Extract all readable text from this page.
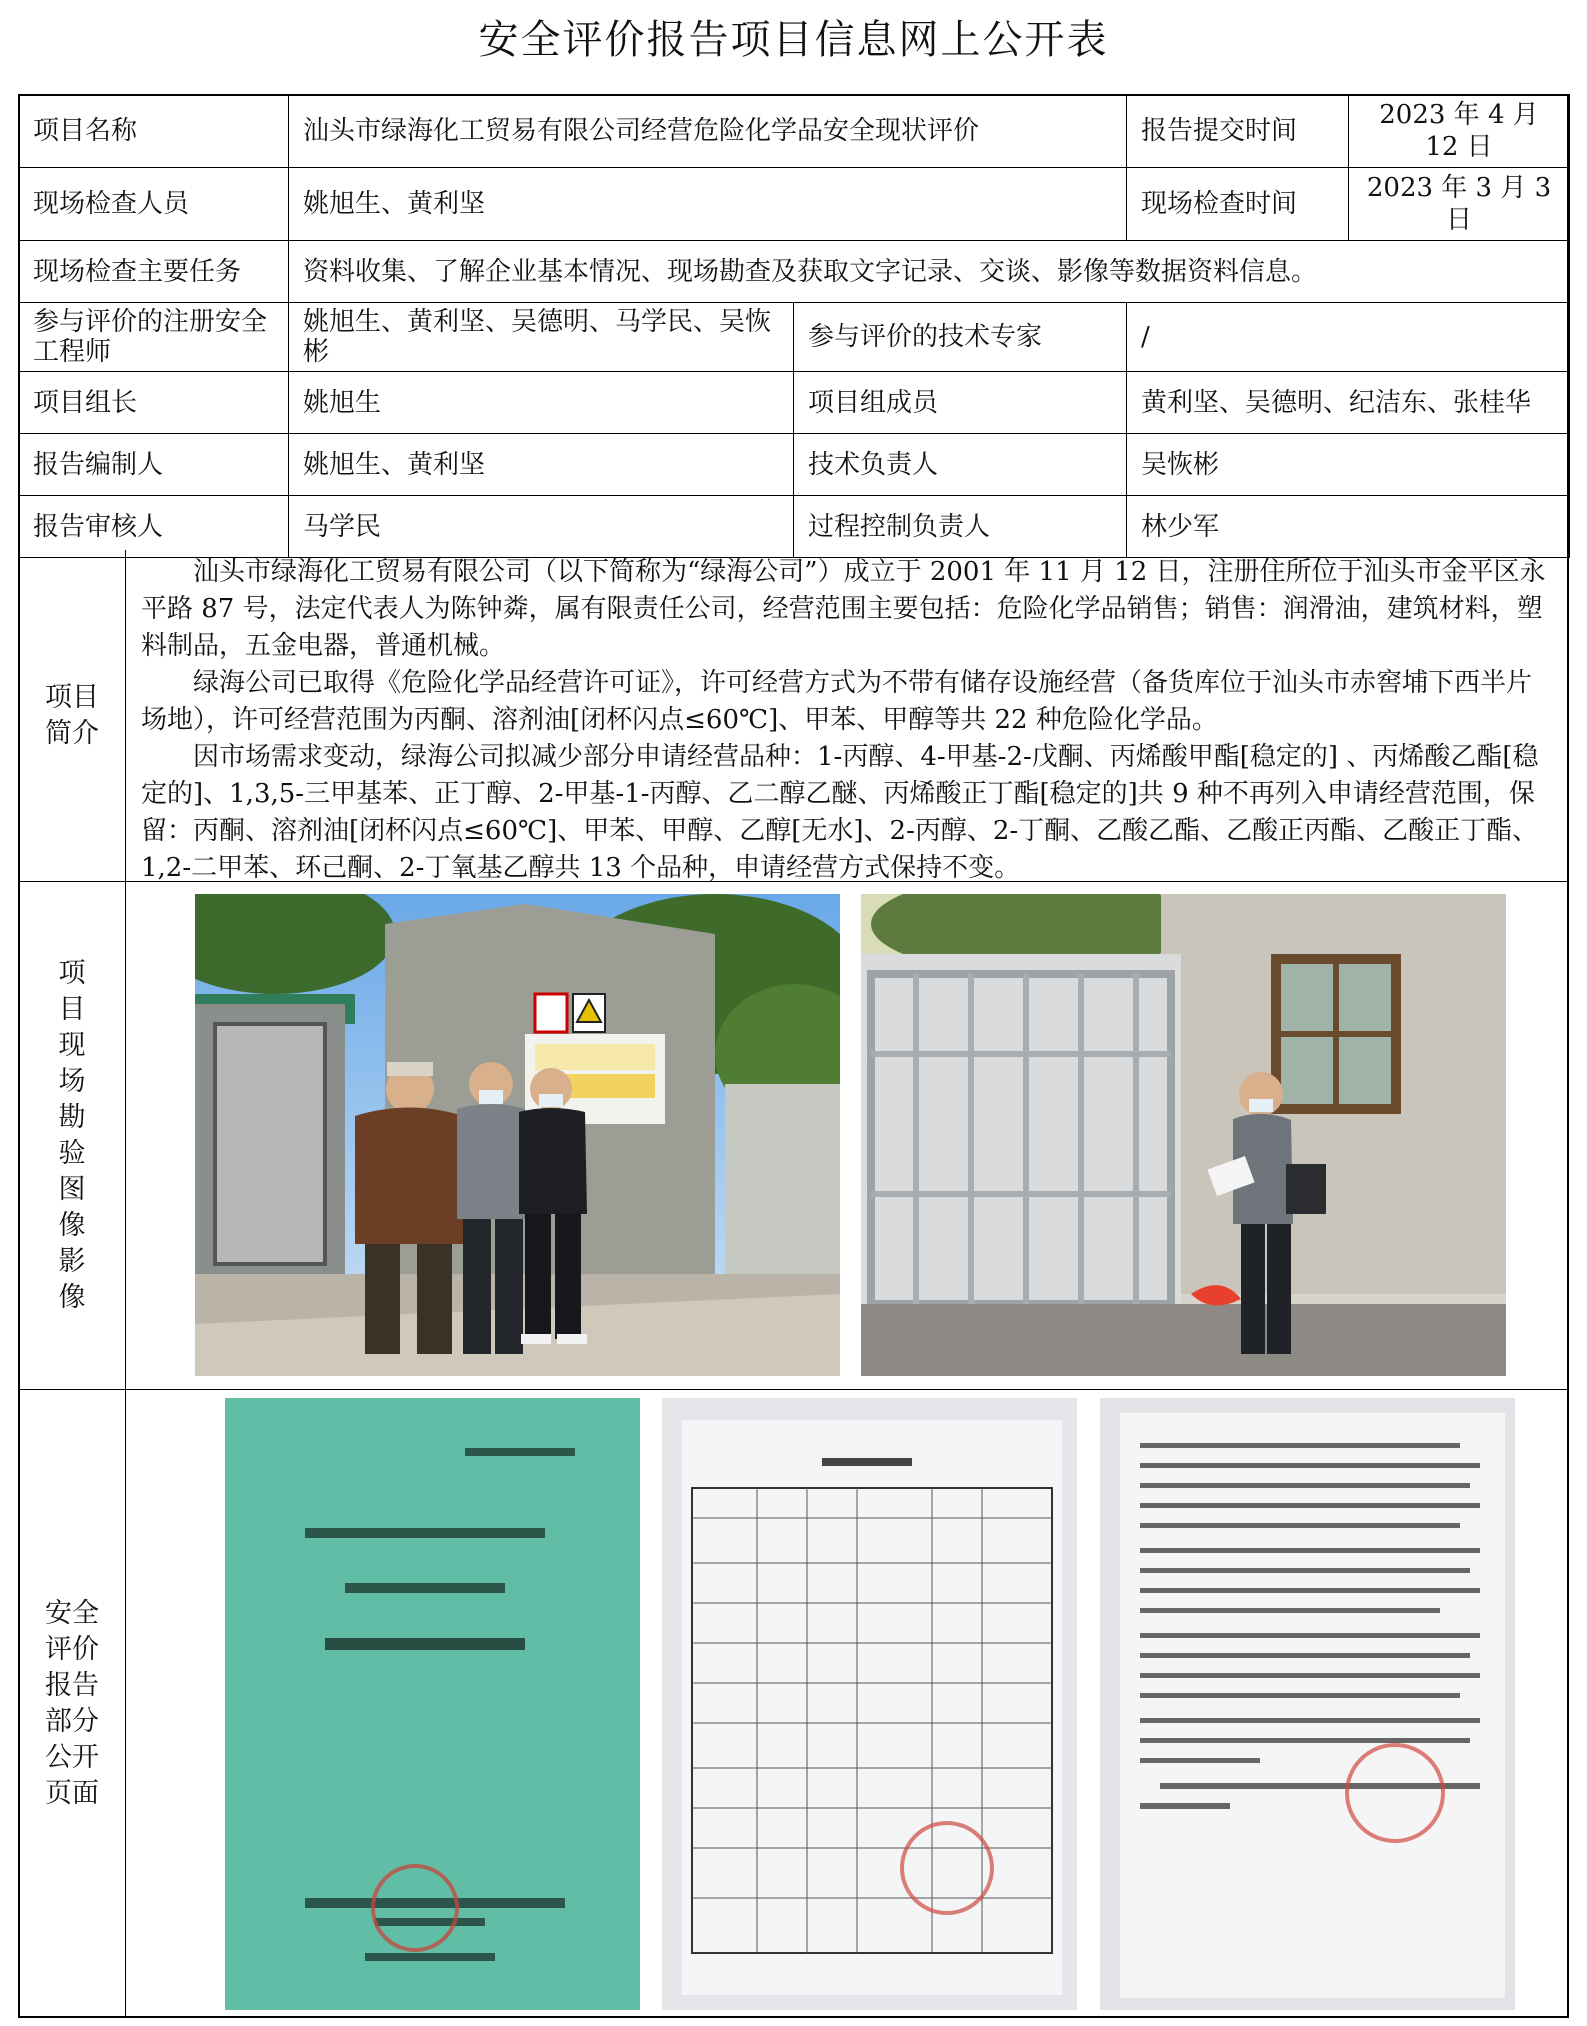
安全评价报告项目信息网上公开表
项目名称	汕头市绿海化工贸易有限公司经营危险化学品安全现状评价		报告提交时间	2023 年 4 月 12 日
现场检查人员	姚旭生、黄利坚		现场检查时间	2023 年 3 月 3 日
现场检查主要任务	资料收集、了解企业基本情况、现场勘查及获取文字记录、交谈、影像等数据资料信息。			
参与评价的注册安全工程师	姚旭生、黄利坚、吴德明、马学民、吴恢彬	参与评价的技术专家	/	
项目组长	姚旭生	项目组成员	黄利坚、吴德明、纪洁东、张桂华	
报告编制人	姚旭生、黄利坚	技术负责人	吴恢彬	
报告审核人	马学民	过程控制负责人	林少军	
项目简介

汕头市绿海化工贸易有限公司（以下简称为“绿海公司”）成立于 2001 年 11 月 12 日，注册住所位于汕头市金平区永平路 87 号，法定代表人为陈钟粦，属有限责任公司，经营范围主要包括：危险化学品销售；销售：润滑油，建筑材料，塑料制品，五金电器，普通机械。

绿海公司已取得《危险化学品经营许可证》，许可经营方式为不带有储存设施经营（备货库位于汕头市赤窖埔下西半片场地），许可经营范围为丙酮、溶剂油[闭杯闪点≤60℃]、甲苯、甲醇等共 22 种危险化学品。

因市场需求变动，绿海公司拟减少部分申请经营品种：1-丙醇、4-甲基-2-戊酮、丙烯酸甲酯[稳定的] 、丙烯酸乙酯[稳定的]、1,3,5-三甲基苯、正丁醇、2-甲基-1-丙醇、乙二醇乙醚、丙烯酸正丁酯[稳定的]共 9 种不再列入申请经营范围，保留：丙酮、溶剂油[闭杯闪点≤60℃]、甲苯、甲醇、乙醇[无水]、2-丙醇、2-丁酮、乙酸乙酯、乙酸正丙酯、乙酸正丁酯、1,2-二甲苯、环己酮、2-丁氧基乙醇共 13 个品种，申请经营方式保持不变。

项目现场勘验图像影像
安全评价报告部分公开页面
